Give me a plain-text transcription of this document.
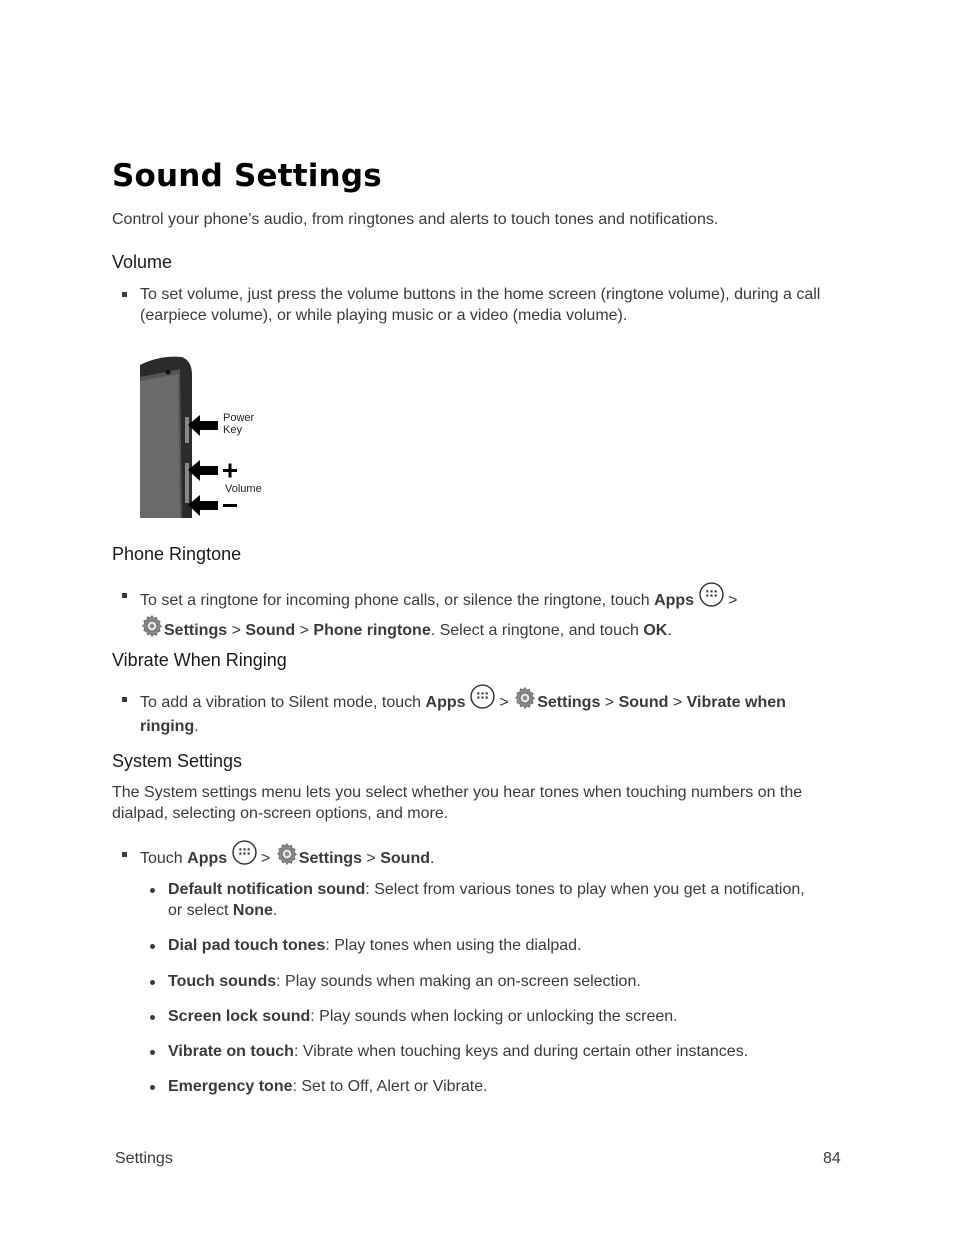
Sound Settings

Control your phone’s audio, from ringtones and alerts to touch tones and notifications.

Volume
To set volume, just press the volume buttons in the home screen (ringtone volume), during a call
(earpiece volume), or while playing music or a video (media volume).
Power
Key
Volume
Phone Ringtone
To set a ringtone for incoming phone calls, or silence the ringtone, touch Apps >
Settings > Sound > Phone ringtone. Select a ringtone, and touch OK.
Vibrate When Ringing
To add a vibration to Silent mode, touch Apps > Settings > Sound > Vibrate when
ringing.
System Settings

The System settings menu lets you select whether you hear tones when touching numbers on the
dialpad, selecting on-screen options, and more.

Touch Apps > Settings > Sound.
Default notification sound: Select from various tones to play when you get a notification,
or select None.
Dial pad touch tones: Play tones when using the dialpad.
Touch sounds: Play sounds when making an on-screen selection.
Screen lock sound: Play sounds when locking or unlocking the screen.
Vibrate on touch: Vibrate when touching keys and during certain other instances.
Emergency tone: Set to Off, Alert or Vibrate.
Settings	84
